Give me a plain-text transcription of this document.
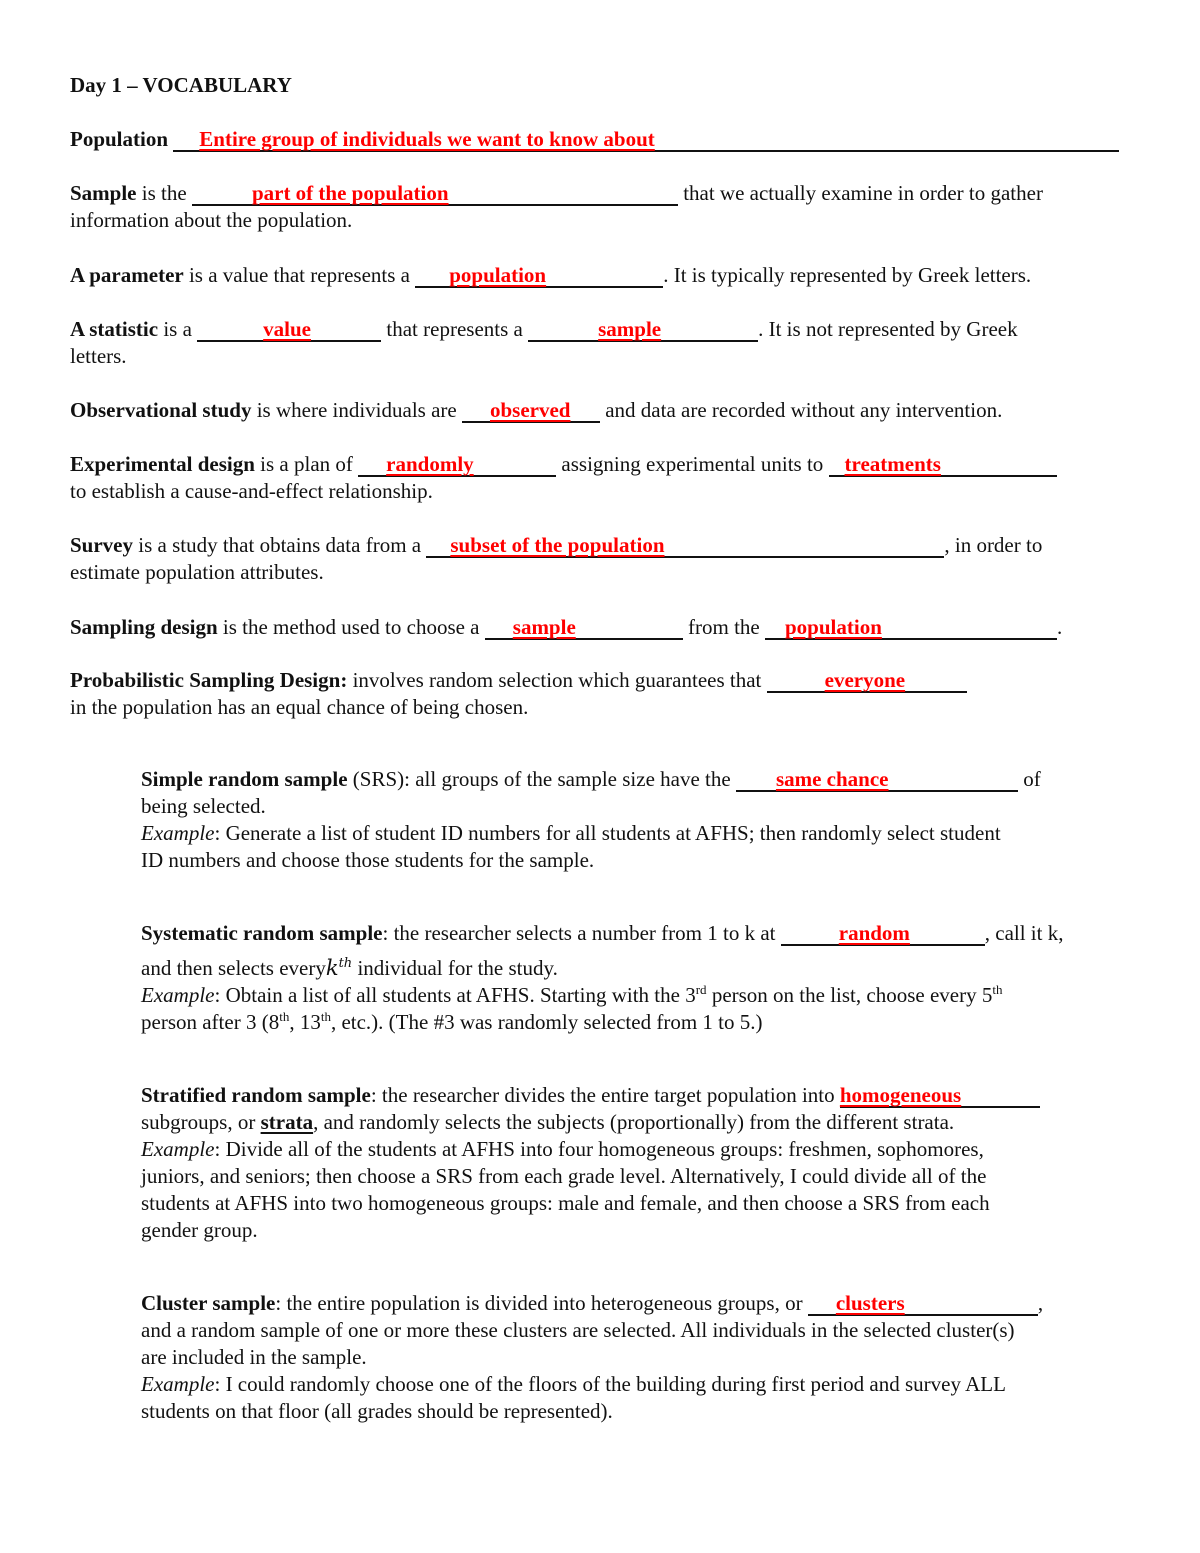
Day 1 – VOCABULARY

Population Entire group of individuals we want to know about

Sample is the	part of the population	that we actually examine in order to gather
information about the population.

A parameter is a value that represents a population	. It is typically represented by Greek letters.

A statistic is a	value	that represents a	sample	. It is not represented by Greek
letters.

Observational study is where individuals are observed and data are recorded without any intervention.

Experimental design is a plan of randomly	assigning experimental units to treatments
to establish a cause-and-effect relationship.

Survey is a study that obtains data from a subset of the population	, in order to
estimate population attributes.

Sampling design is the method used to choose a sample	from the population	.

Probabilistic Sampling Design: involves random selection which guarantees that	everyone
in the population has an equal chance of being chosen.

Simple random sample (SRS): all groups of the sample size have the same chance	of
being selected.
Example: Generate a list of student ID numbers for all students at AFHS; then randomly select student
ID numbers and choose those students for the sample.

Systematic random sample: the researcher selects a number from 1 to k at	random	, call it k,
and then selects everyk$^{th}$ individual for the study.
Example: Obtain a list of all students at AFHS. Starting with the 3rd person on the list, choose every 5th
person after 3 (8th, 13th, etc.). (The #3 was randomly selected from 1 to 5.)

Stratified random sample: the researcher divides the entire target population into homogeneous
subgroups, or strata, and randomly selects the subjects (proportionally) from the different strata.
Example: Divide all of the students at AFHS into four homogeneous groups: freshmen, sophomores,
juniors, and seniors; then choose a SRS from each grade level. Alternatively, I could divide all of the
students at AFHS into two homogeneous groups: male and female, and then choose a SRS from each
gender group.

Cluster sample: the entire population is divided into heterogeneous groups, or clusters	,
and a random sample of one or more these clusters are selected. All individuals in the selected cluster(s)
are included in the sample.
Example: I could randomly choose one of the floors of the building during first period and survey ALL
students on that floor (all grades should be represented).
